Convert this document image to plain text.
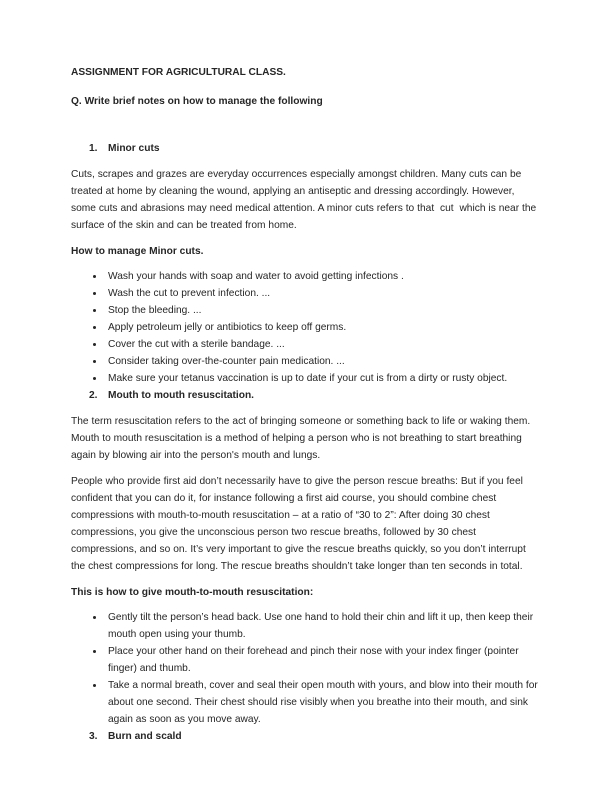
ASSIGNMENT FOR AGRICULTURAL CLASS.
Q. Write brief notes on how to manage the following
1. Minor cuts

Cuts, scrapes and grazes are everyday occurrences especially amongst children. Many cuts can be treated at home by cleaning the wound, applying an antiseptic and dressing accordingly. However, some cuts and abrasions may need medical attention. A minor cuts refers to that  cut  which is near the surface of the skin and can be treated from home.

How to manage Minor cuts.
Wash your hands with soap and water to avoid getting infections .
Wash the cut to prevent infection. ...
Stop the bleeding. ...
Apply petroleum jelly or antibiotics to keep off germs.
Cover the cut with a sterile bandage. ...
Consider taking over-the-counter pain medication. ...
Make sure your tetanus vaccination is up to date if your cut is from a dirty or rusty object.
2. Mouth to mouth resuscitation.

The term resuscitation refers to the act of bringing someone or something back to life or waking them. Mouth to mouth resuscitation is a method of helping a person who is not breathing to start breathing again by blowing air into the person's mouth and lungs.

People who provide first aid don’t necessarily have to give the person rescue breaths: But if you feel confident that you can do it, for instance following a first aid course, you should combine chest compressions with mouth-to-mouth resuscitation – at a ratio of “30 to 2”: After doing 30 chest compressions, you give the unconscious person two rescue breaths, followed by 30 chest compressions, and so on. It’s very important to give the rescue breaths quickly, so you don’t interrupt the chest compressions for long. The rescue breaths shouldn’t take longer than ten seconds in total.

This is how to give mouth-to-mouth resuscitation:
Gently tilt the person’s head back. Use one hand to hold their chin and lift it up, then keep their mouth open using your thumb.
Place your other hand on their forehead and pinch their nose with your index finger (pointer finger) and thumb.
Take a normal breath, cover and seal their open mouth with yours, and blow into their mouth for about one second. Their chest should rise visibly when you breathe into their mouth, and sink again as soon as you move away.
3. Burn and scald
